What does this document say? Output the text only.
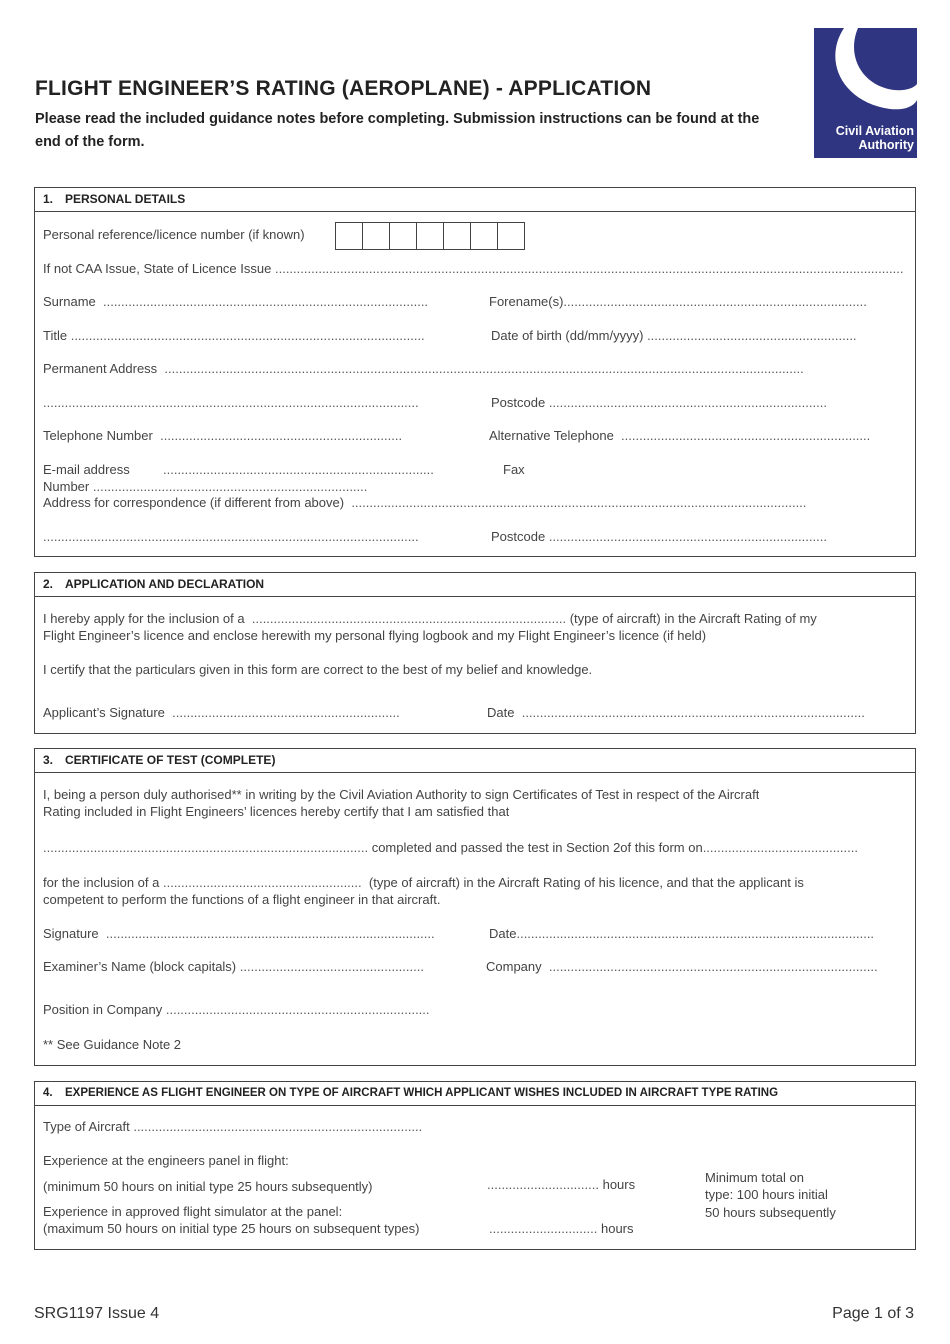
FLIGHT ENGINEER’S RATING (AEROPLANE) - APPLICATION
Please read the included guidance notes before completing. Submission instructions can be found at the end of the form.
Civil Aviation
Authority
1. PERSONAL DETAILS
Personal reference/licence number (if known)
If not CAA Issue, State of Licence Issue ..............................................................................................................................................................................
Surname ..........................................................................................	Forename(s)....................................................................................
Title ..................................................................................................	Date of birth (dd/mm/yyyy) ..........................................................
Permanent Address .................................................................................................................................................................................
........................................................................................................	Postcode .............................................................................
Telephone Number ...................................................................	Alternative Telephone .....................................................................
E-mail address	...........................................................................	Fax
Number ............................................................................
Address for correspondence (if different from above) ..............................................................................................................................
........................................................................................................	Postcode .............................................................................
2. APPLICATION AND DECLARATION
I hereby apply for the inclusion of a ....................................................................................... (type of aircraft) in the Aircraft Rating of my
Flight Engineer’s licence and enclose herewith my personal flying logbook and my Flight Engineer’s licence (if held)
I certify that the particulars given in this form are correct to the best of my belief and knowledge.
Applicant’s Signature ...............................................................	Date ...............................................................................................
3. CERTIFICATE OF TEST (COMPLETE)
I, being a person duly authorised** in writing by the Civil Aviation Authority to sign Certificates of Test in respect of the Aircraft
Rating included in Flight Engineers’ licences hereby certify that I am satisfied that
.......................................................................................... completed and passed the test in Section 2of this form on...........................................
for the inclusion of a ....................................................... (type of aircraft) in the Aircraft Rating of his licence, and that the applicant is
competent to perform the functions of a flight engineer in that aircraft.
Signature ...........................................................................................	Date...................................................................................................
Examiner’s Name (block capitals) ...................................................	Company ...........................................................................................
Position in Company .........................................................................
** See Guidance Note 2
4. EXPERIENCE AS FLIGHT ENGINEER ON TYPE OF AIRCRAFT WHICH APPLICANT WISHES INCLUDED IN AIRCRAFT TYPE RATING
Type of Aircraft ................................................................................
Experience at the engineers panel in flight:
(minimum 50 hours on initial type 25 hours subsequently)	............................... hours
Experience in approved flight simulator at the panel:
(maximum 50 hours on initial type 25 hours on subsequent types)	.............................. hours
Minimum total on
type: 100 hours initial
50 hours subsequently
SRG1197 Issue 4	Page 1 of 3
